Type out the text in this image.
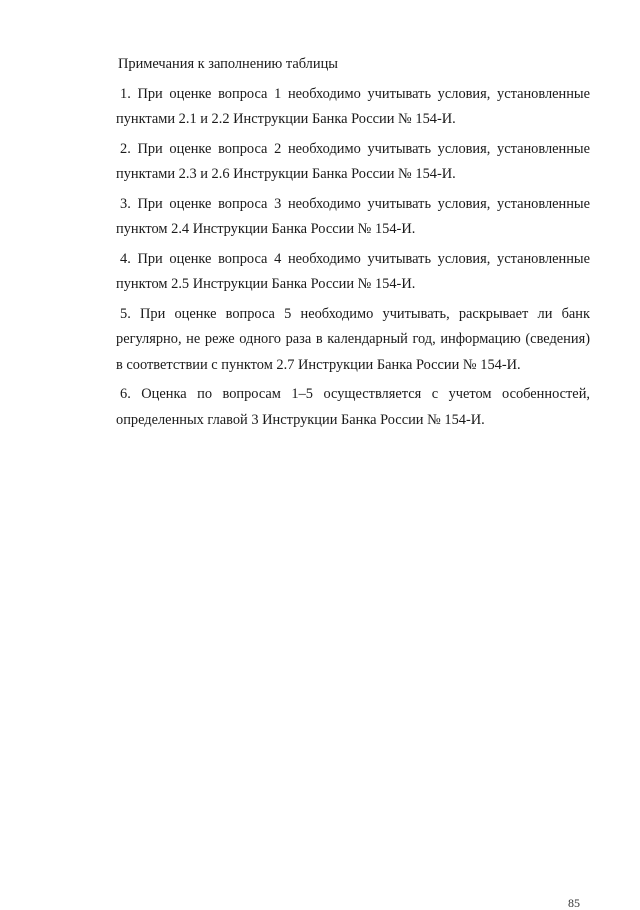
Примечания к заполнению таблицы

1. При оценке вопроса 1 необходимо учитывать условия, установленные пунктами 2.1 и 2.2 Инструкции Банка России № 154-И.

2. При оценке вопроса 2 необходимо учитывать условия, установленные пунктами 2.3 и 2.6 Инструкции Банка России № 154-И.

3. При оценке вопроса 3 необходимо учитывать условия, установленные пунктом 2.4 Инструкции Банка России № 154-И.

4. При оценке вопроса 4 необходимо учитывать условия, установленные пунктом 2.5 Инструкции Банка России № 154-И.

5. При оценке вопроса 5 необходимо учитывать, раскрывает ли банк регулярно, не реже одного раза в календарный год, информацию (сведения) в соответствии с пунктом 2.7 Инструкции Банка России № 154-И.

6. Оценка по вопросам 1–5 осуществляется с учетом особенностей, определенных главой 3 Инструкции Банка России № 154-И.

85
